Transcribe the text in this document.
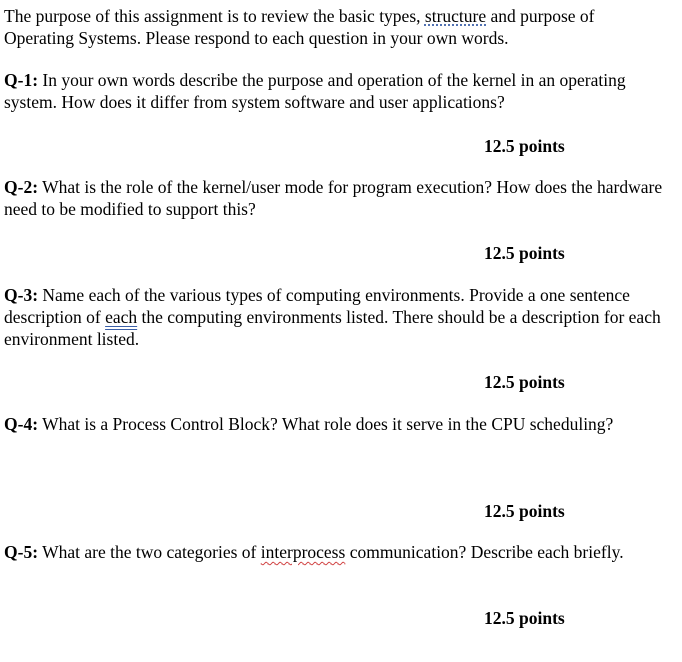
The purpose of this assignment is to review the basic types, structure and purpose of Operating Systems. Please respond to each question in your own words.

Q-1: In your own words describe the purpose and operation of the kernel in an operating system. How does it differ from system software and user applications?

12.5 points

Q-2: What is the role of the kernel/user mode for program execution? How does the hardware need to be modified to support this?

12.5 points

Q-3: Name each of the various types of computing environments. Provide a one sentence description of each the computing environments listed. There should be a description for each environment listed.

12.5 points

Q-4: What is a Process Control Block? What role does it serve in the CPU scheduling?

12.5 points

Q-5: What are the two categories of interprocess communication? Describe each briefly.

12.5 points
